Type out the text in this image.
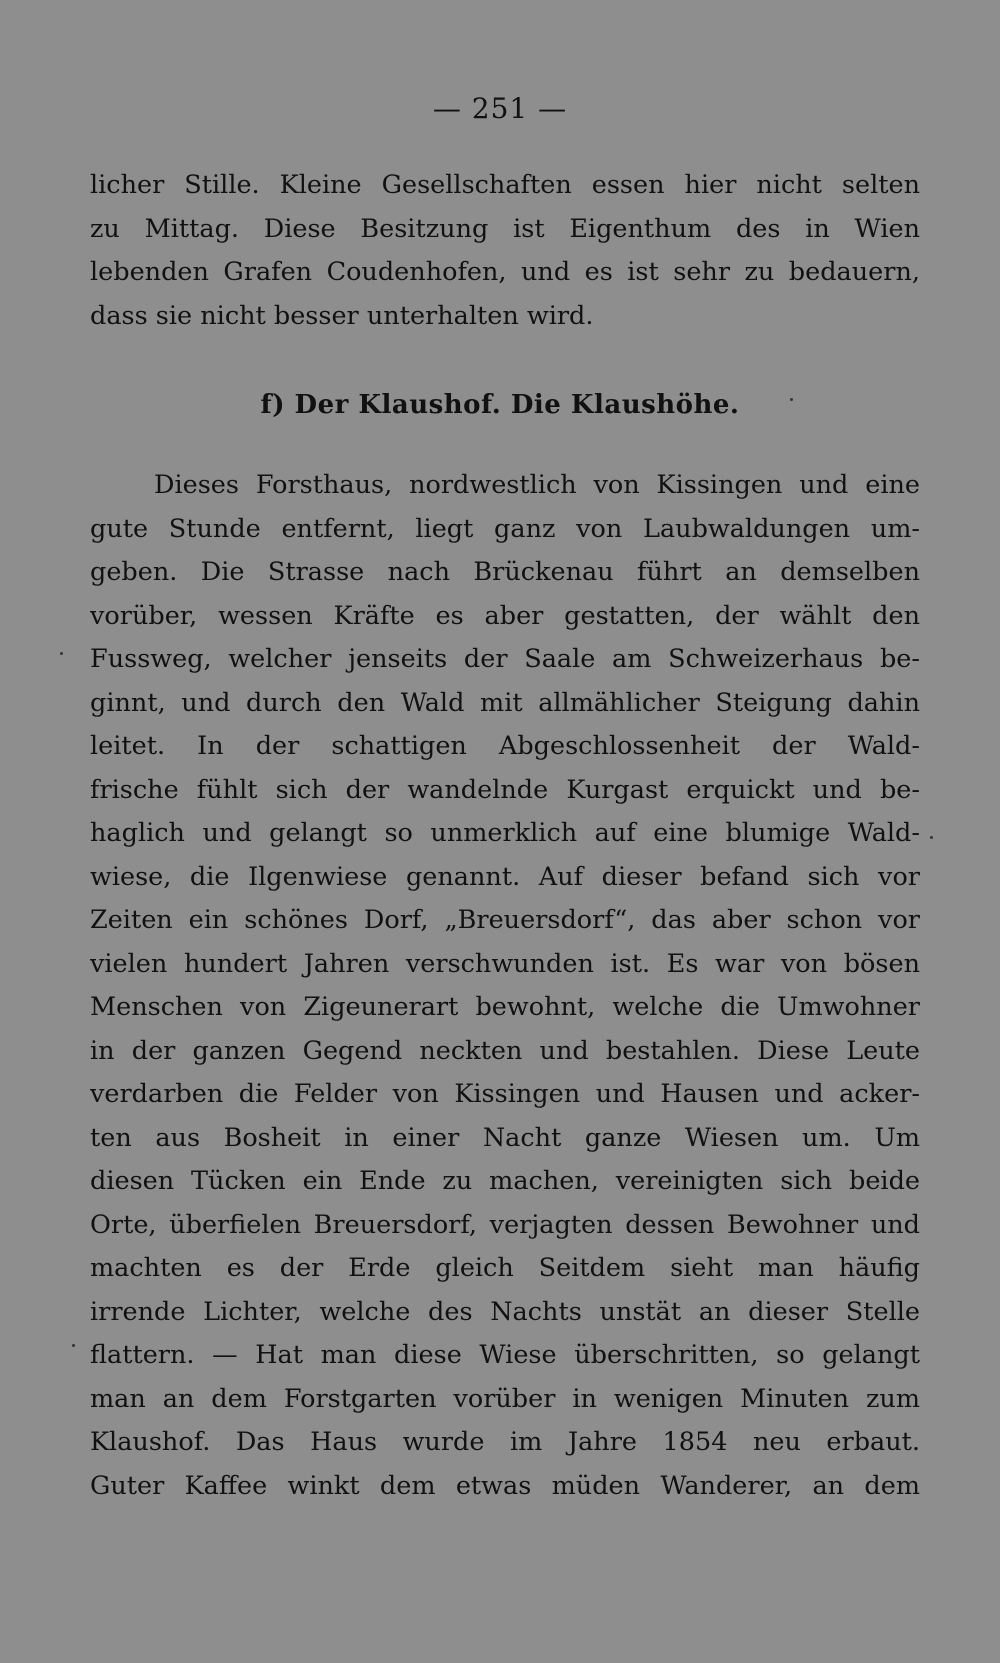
— 251 —
licher Stille. Kleine Gesellschaften essen hier nicht selten
zu Mittag. Diese Besitzung ist Eigenthum des in Wien
lebenden Grafen Coudenhofen, und es ist sehr zu bedauern,
dass sie nicht besser unterhalten wird.
f) Der Klaushof. Die Klaushöhe.
Dieses Forsthaus, nordwestlich von Kissingen und eine
gute Stunde entfernt, liegt ganz von Laubwaldungen um-
geben. Die Strasse nach Brückenau führt an demselben
vorüber, wessen Kräfte es aber gestatten, der wählt den
Fussweg, welcher jenseits der Saale am Schweizerhaus be-
ginnt, und durch den Wald mit allmählicher Steigung dahin
leitet. In der schattigen Abgeschlossenheit der Wald-
frische fühlt sich der wandelnde Kurgast erquickt und be-
haglich und gelangt so unmerklich auf eine blumige Wald-
wiese, die Ilgenwiese genannt. Auf dieser befand sich vor
Zeiten ein schönes Dorf, „Breuersdorf“, das aber schon vor
vielen hundert Jahren verschwunden ist. Es war von bösen
Menschen von Zigeunerart bewohnt, welche die Umwohner
in der ganzen Gegend neckten und bestahlen. Diese Leute
verdarben die Felder von Kissingen und Hausen und acker-
ten aus Bosheit in einer Nacht ganze Wiesen um. Um
diesen Tücken ein Ende zu machen, vereinigten sich beide
Orte, überfielen Breuersdorf, verjagten dessen Bewohner und
machten es der Erde gleich Seitdem sieht man häufig
irrende Lichter, welche des Nachts unstät an dieser Stelle
flattern. — Hat man diese Wiese überschritten, so gelangt
man an dem Forstgarten vorüber in wenigen Minuten zum
Klaushof. Das Haus wurde im Jahre 1854 neu erbaut.
Guter Kaffee winkt dem etwas müden Wanderer, an dem
